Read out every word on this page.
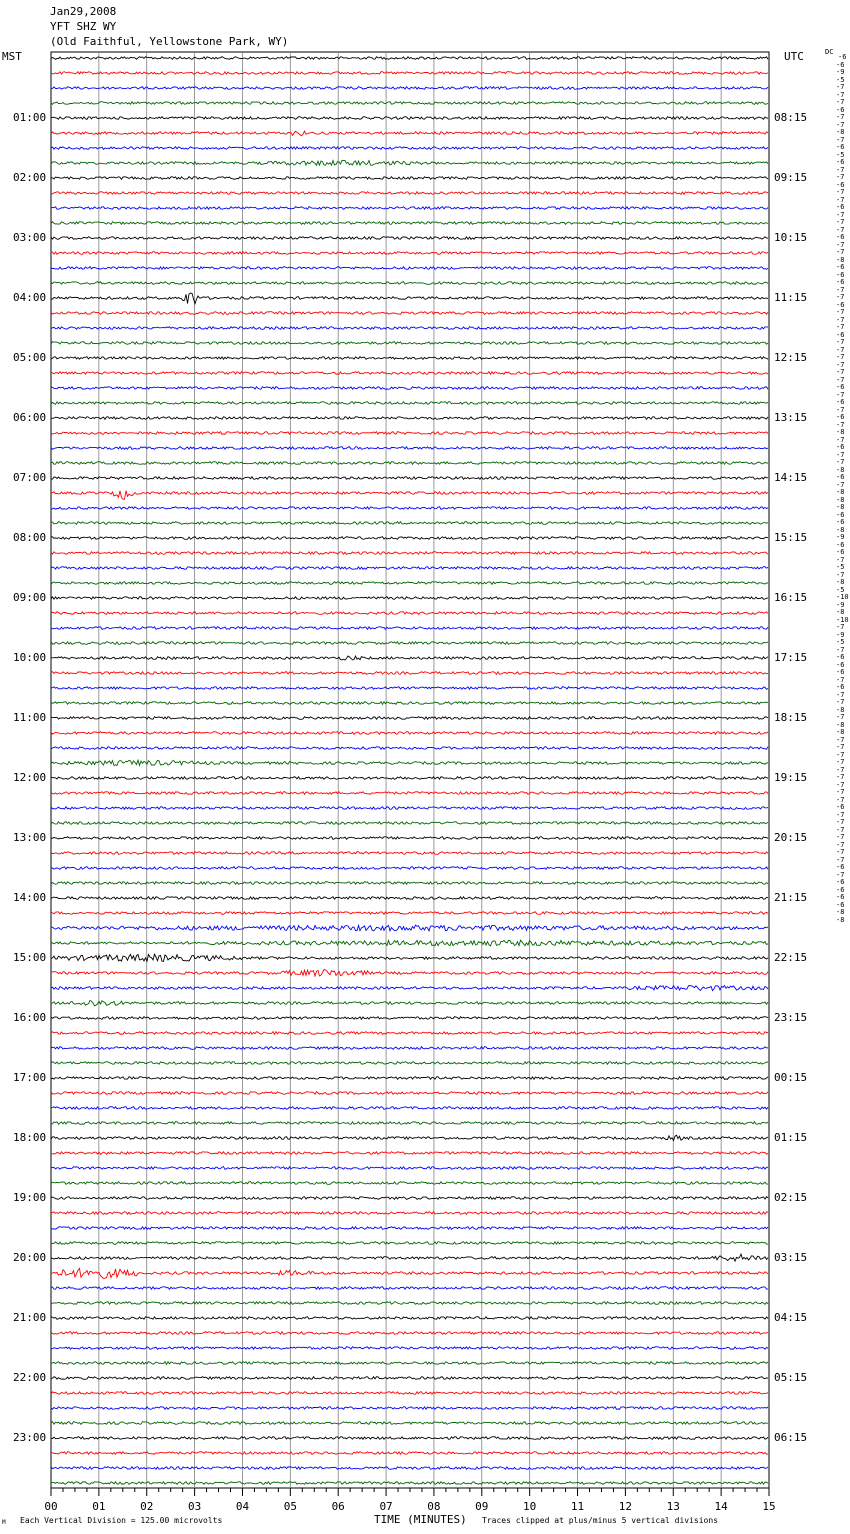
Jan29,2008
YFT SHZ WY
(Old Faithful, Yellowstone Park, WY)
MST	UTC	DC
00	01	02	03	04	05	06	07	08	09	10	11	12	13	14	15
M Each Vertical Division = 125.00 microvolts	TIME (MINUTES) Traces clipped at plus/minus 5 vertical divisions
01:00
02:00
03:00
04:00
05:00
06:00
07:00
08:00
09:00
10:00
11:00
12:00
13:00
14:00
15:00
16:00
17:00
18:00
19:00
20:00
21:00
22:00
23:00
08:15
09:15
10:15
11:15
12:15
13:15
14:15
15:15
16:15
17:15
18:15
19:15
20:15
21:15
22:15
23:15
00:15
01:15
02:15
03:15
04:15
05:15
06:15
-6
-6
-9
-5
-7
-7
-7
-6
-7
-7
-8
-7
-6
-5
-6
-7
-7
-6
-7
-7
-6
-7
-7
-7
-6
-7
-7
-8
-6
-6
-6
-7
-7
-6
-7
-7
-7
-6
-7
-7
-7
-7
-7
-7
-6
-7
-6
-7
-6
-7
-8
-7
-6
-7
-7
-8
-6
-7
-8
-8
-8
-6
-6
-8
-9
-6
-6
-7
-5
-7
-8
-5
-10
-9
-8
-10
-7
-9
-5
-7
-6
-6
-6
-7
-6
-7
-7
-8
-7
-8
-8
-7
-7
-7
-7
-7
-7
-7
-7
-7
-6
-7
-7
-7
-7
-7
-7
-7
-6
-7
-6
-6
-6
-6
-8
-8
